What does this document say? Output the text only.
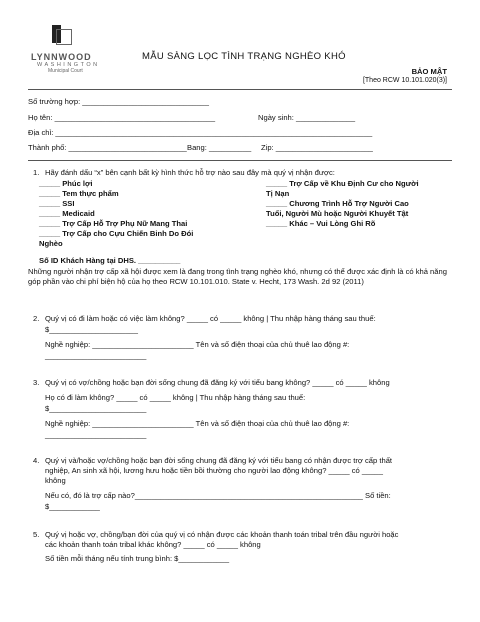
LYNNWOOD
WASHINGTON
Municipal Court
MẪU SÀNG LỌC TÌNH TRẠNG NGHÈO KHÓ
BẢO MẬT
[Theo RCW 10.101.020(3)]
Số trường hợp: ______________________________
Họ tên: ______________________________________	Ngày sinh: ______________
Địa chỉ: ___________________________________________________________________________
Thành phố: ____________________________ Bang: __________ Zip: _______________________
1. Hãy đánh dấu “x” bên cạnh bất kỳ hình thức hỗ trợ nào sau đây mà quý vị nhận được:
_____ Phúc lợi
_____ Tem thực phẩm
_____ SSI
_____ Medicaid
_____ Trợ Cấp Hỗ Trợ Phụ Nữ Mang Thai
_____ Trợ Cấp cho Cựu Chiến Binh Do Đói
Nghèo
_____ Trợ Cấp về Khu Định Cư cho Người
Tị Nạn
_____ Chương Trình Hỗ Trợ Người Cao
Tuổi, Người Mù hoặc Người Khuyết Tật
_____ Khác – Vui Lòng Ghi Rõ
Số ID Khách Hàng tại DHS. __________
Những người nhận trợ cấp xã hội được xem là đang trong tình trạng nghèo khó, nhưng có thể được xác định là có khả năng góp phần vào chi phí biện hộ của họ theo RCW 10.101.010. State v. Hecht, 173 Wash. 2d 92 (2011)
2. Quý vị có đi làm hoặc có việc làm không? _____ có _____ không | Thu nhập hàng tháng sau thuế:
$_____________________
Nghề nghiệp: ________________________ Tên và số điện thoại của chủ thuê lao động #:
________________________
3. Quý vị có vợ/chồng hoặc bạn đời sống chung đã đăng ký với tiểu bang không? _____ có _____ không
Họ có đi làm không? _____ có _____ không | Thu nhập hàng tháng sau thuế:
$_______________________
Nghề nghiệp: ________________________ Tên và số điện thoại của chủ thuê lao động #:
________________________
4. Quý vị và/hoặc vợ/chồng hoặc bạn đời sống chung đã đăng ký với tiểu bang có nhận được trợ cấp thất
nghiệp, An sinh xã hội, lương hưu hoặc tiền bồi thường cho người lao động không? _____ có _____
không
Nếu có, đó là trợ cấp nào?______________________________________________________ Số tiền:
$____________
5. Quý vị hoặc vợ, chồng/bạn đời của quý vị có nhận được các khoản thanh toán tribal trên đầu người hoặc
các khoản thanh toán tribal khác không? _____ có _____ không
Số tiền mỗi tháng nếu tính trung bình: $____________
